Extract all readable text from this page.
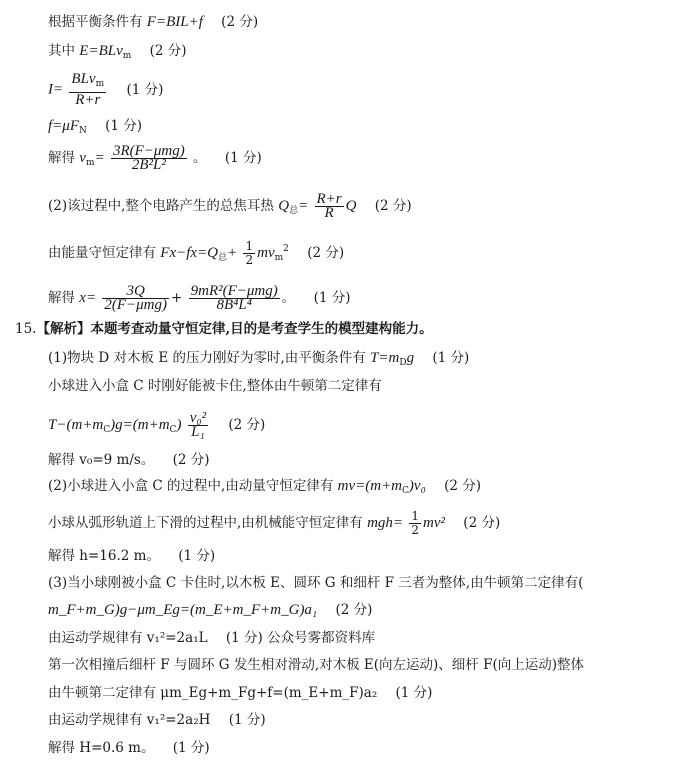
根据平衡条件有 F=BIL+f (2 分)
其中 E=BLv$_m$ (2 分)
$I= \frac{BLv_m}{R+r} (1$ 分)
$f=\mu F_N$ (1 分)
解得 $v_m= \frac{\text{3R(F−μmg)}}{\text{2B²L²}}$ 。 (1 分)
(2)该过程中,整个电路产生的总焦耳热 $Q_总= \frac{R+r}{R}$ Q (2 分)
由能量守恒定律有 $Fx-fx=Q_总+ \frac{1}{2} mv_m^2$ (2 分)
解得 $x= \frac{3Q}{\text{2(F−μmg)}} + \frac{\text{9mR²(F−μmg)}}{\text{8B⁴L⁴}}$ 。 (1 分)
15.【解析】本题考查动量守恒定律,目的是考查学生的模型建构能力。
(1)物块 D 对木板 E 的压力刚好为零时,由平衡条件有 $T=m_Dg$ (1 分)
小球进入小盒 C 时刚好能被卡住,整体由牛顿第二定律有
$T-(m+m_C)g=(m+m_C) \frac{\text{v₀²}}{\text{L₁}} (2$ 分)
解得 v₀=9 m/s。 (2 分)
(2)小球进入小盒 C 的过程中,由动量守恒定律有 $mv=(m+m_C)v_0$ (2 分)
小球从弧形轨道上下滑的过程中,由机械能守恒定律有 $mgh= \frac{1}{2} mv^2$ (2 分)
解得 h=16.2 m。 (1 分)
(3)当小球刚被小盒 C 卡住时,以木板 E、圆环 G 和细杆 F 三者为整体,由牛顿第二定律有(
m_F+m_G)g−μm_Eg=(m_E+m_F+m_G)a₁ (2 分)
由运动学规律有 v₁²=2a₁L (1 分) 公众号雾都资料库
第一次相撞后细杆 F 与圆环 G 发生相对滑动,对木板 E(向左运动)、细杆 F(向上运动)整体
由牛顿第二定律有 μm_Eg+m_Fg+f=(m_E+m_F)a₂ (1 分)
由运动学规律有 v₁²=2a₂H (1 分)
解得 H=0.6 m。 (1 分)
